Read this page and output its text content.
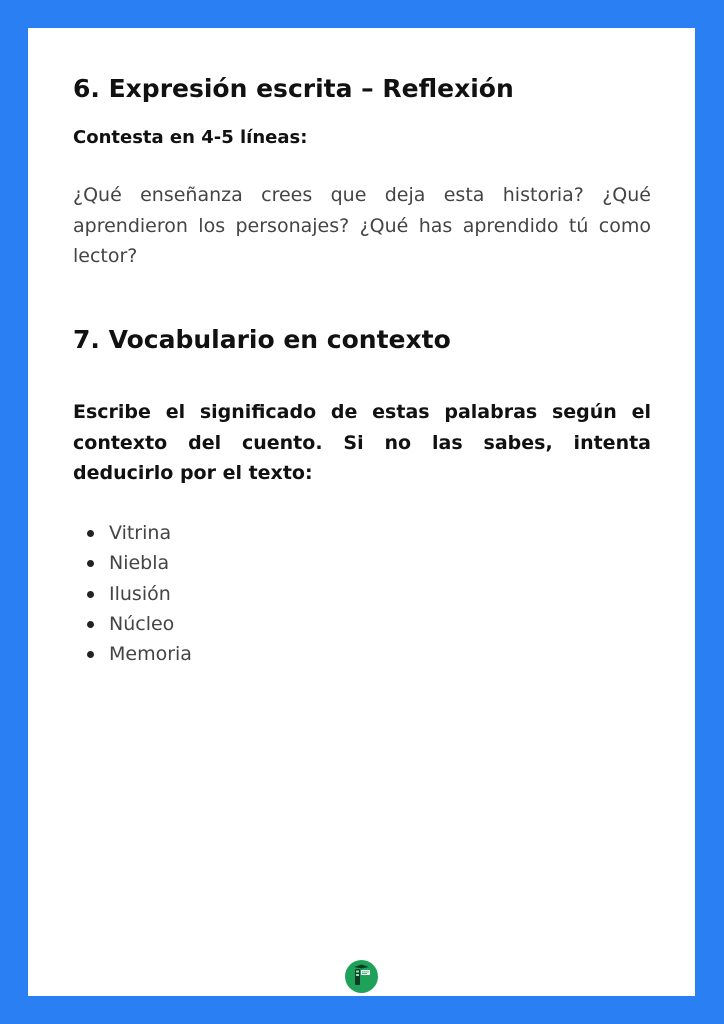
6. Expresión escrita – Reflexión

Contesta en 4-5 líneas:

¿Qué enseñanza crees que deja esta historia? ¿Qué aprendieron los personajes? ¿Qué has aprendido tú como lector?

7. Vocabulario en contexto

Escribe el significado de estas palabras según el contexto del cuento. Si no las sabes, intenta deducirlo por el texto:

Vitrina
Niebla
Ilusión
Núcleo
Memoria
